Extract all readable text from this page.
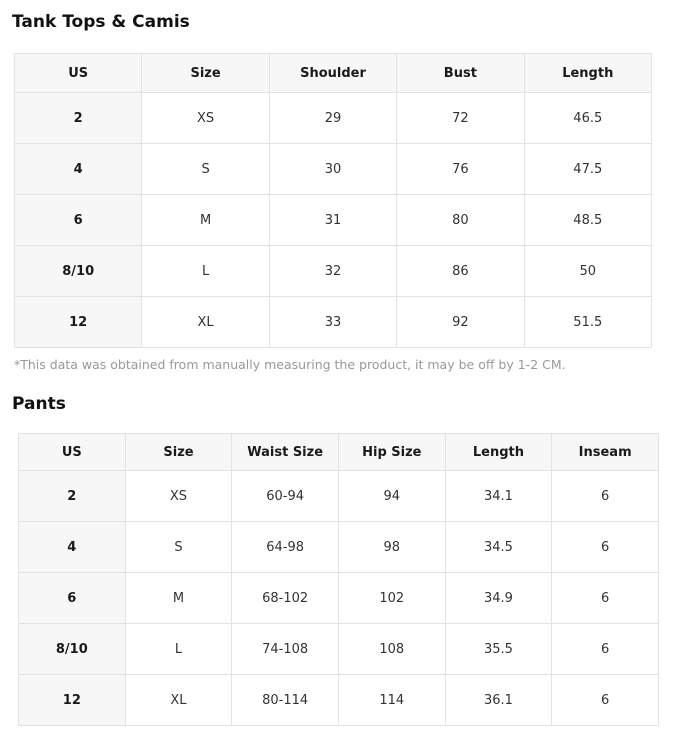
Tank Tops & Camis
US	Size	Shoulder	Bust	Length
2	XS	29	72	46.5
4	S	30	76	47.5
6	M	31	80	48.5
8/10	L	32	86	50
12	XL	33	92	51.5

*This data was obtained from manually measuring the product, it may be off by 1-2 CM.

Pants
US	Size	Waist Size	Hip Size	Length	Inseam
2	XS	60-94	94	34.1	6
4	S	64-98	98	34.5	6
6	M	68-102	102	34.9	6
8/10	L	74-108	108	35.5	6
12	XL	80-114	114	36.1	6
